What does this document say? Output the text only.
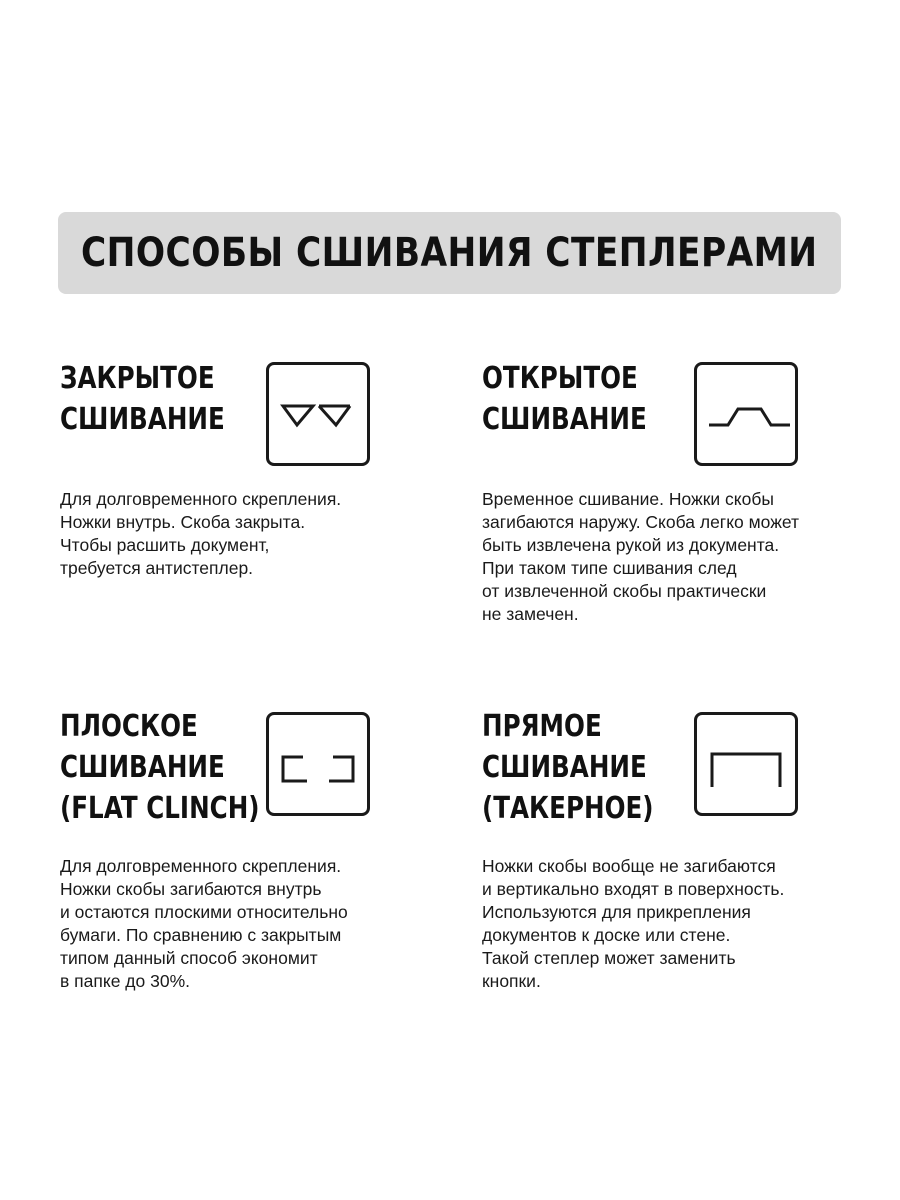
СПОСОБЫ СШИВАНИЯ СТЕПЛЕРАМИ
ЗАКРЫТОЕ
СШИВАНИЕ
Для долговременного скрепления.
Ножки внутрь. Скоба закрыта.
Чтобы расшить документ,
требуется антистеплер.
ОТКРЫТОЕ
СШИВАНИЕ
Временное сшивание. Ножки скобы
загибаются наружу. Скоба легко может
быть извлечена рукой из документа.
При таком типе сшивания след
от извлеченной скобы практически
не замечен.
ПЛОСКОЕ
СШИВАНИЕ
(FLAT CLINCH)
Для долговременного скрепления.
Ножки скобы загибаются внутрь
и остаются плоскими относительно
бумаги. По сравнению с закрытым
типом данный способ экономит
в папке до 30%.
ПРЯМОЕ
СШИВАНИЕ
(ТАКЕРНОЕ)
Ножки скобы вообще не загибаются
и вертикально входят в поверхность.
Используются для прикрепления
документов к доске или стене.
Такой степлер может заменить
кнопки.
